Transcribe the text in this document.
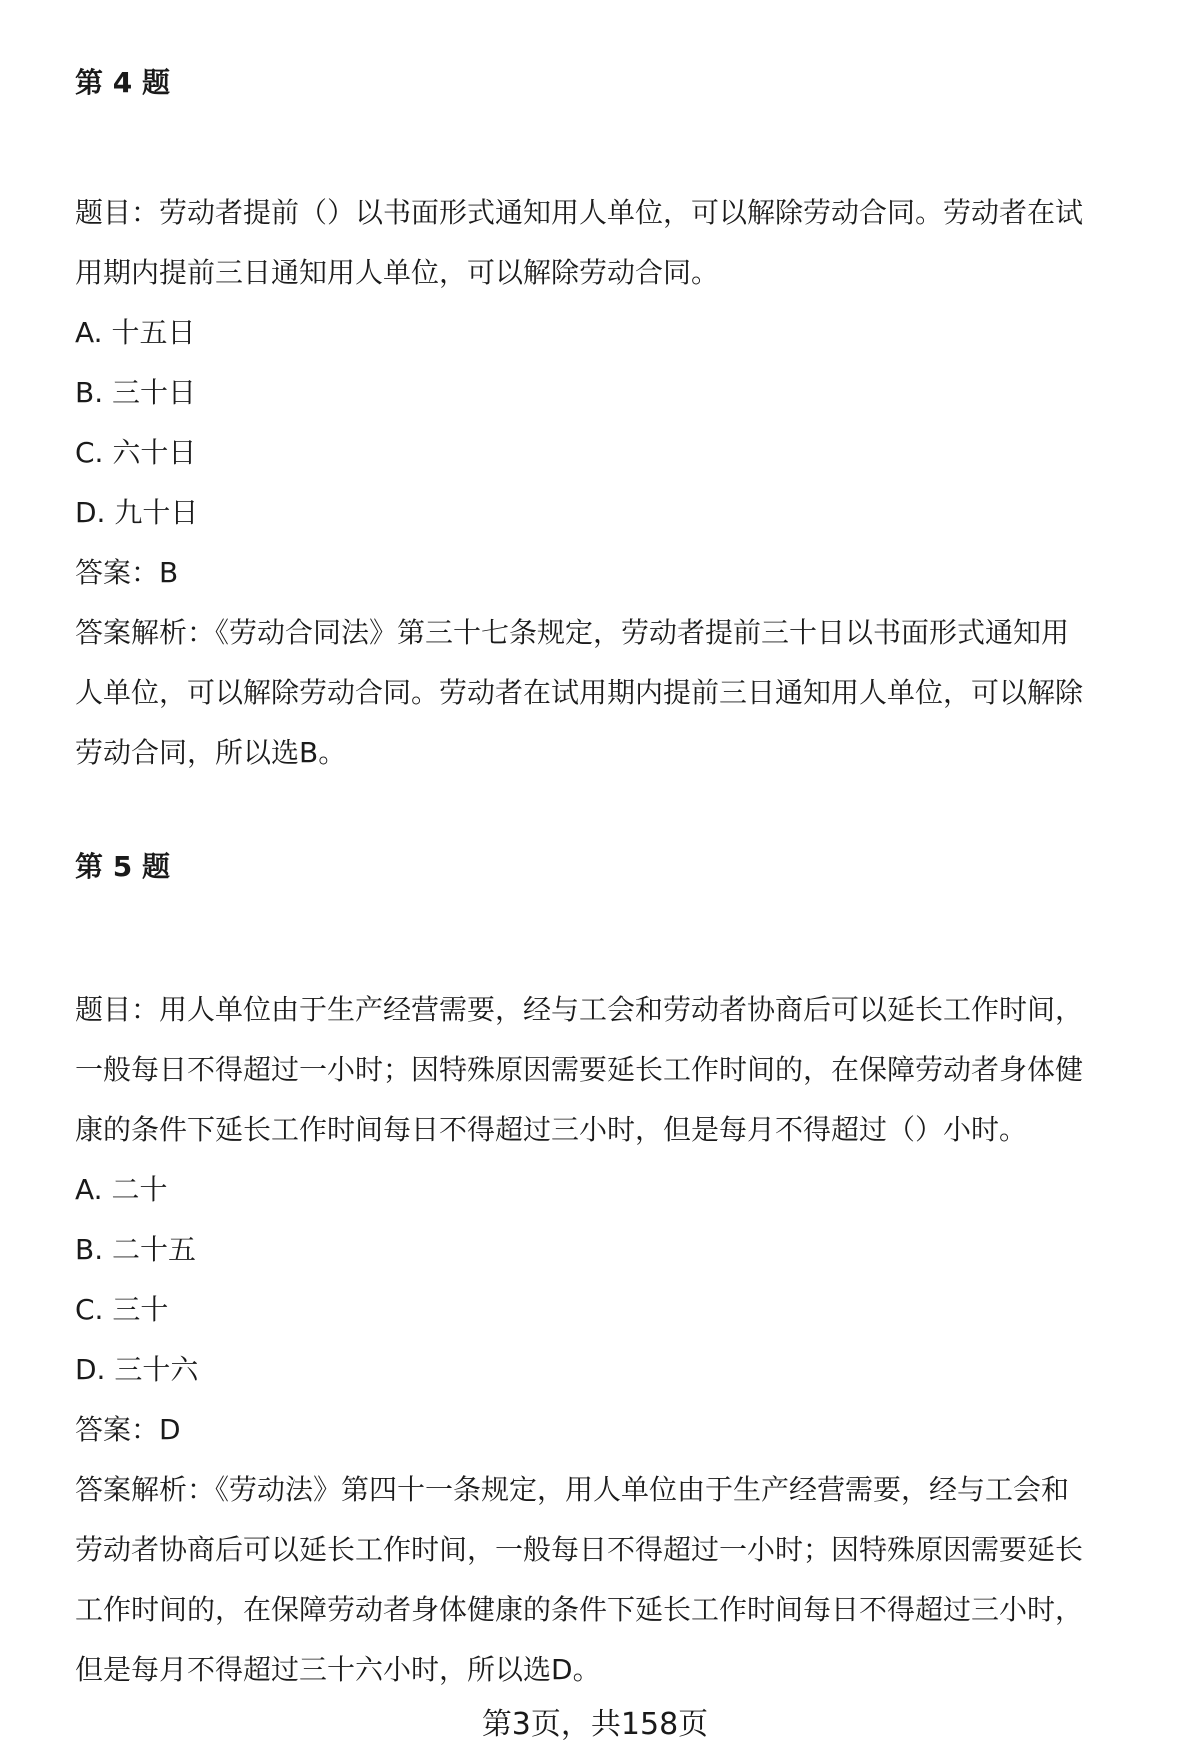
第 4 题

题目：劳动者提前（）以书面形式通知用人单位，可以解除劳动合同。劳动者在试

用期内提前三日通知用人单位，可以解除劳动合同。

A. 十五日

B. 三十日

C. 六十日

D. 九十日

答案：B

答案解析：《劳动合同法》第三十七条规定，劳动者提前三十日以书面形式通知用

人单位，可以解除劳动合同。劳动者在试用期内提前三日通知用人单位，可以解除

劳动合同，所以选B。

第 5 题

题目：用人单位由于生产经营需要，经与工会和劳动者协商后可以延长工作时间，

一般每日不得超过一小时；因特殊原因需要延长工作时间的，在保障劳动者身体健

康的条件下延长工作时间每日不得超过三小时，但是每月不得超过（）小时。

A. 二十

B. 二十五

C. 三十

D. 三十六

答案：D

答案解析：《劳动法》第四十一条规定，用人单位由于生产经营需要，经与工会和

劳动者协商后可以延长工作时间，一般每日不得超过一小时；因特殊原因需要延长

工作时间的，在保障劳动者身体健康的条件下延长工作时间每日不得超过三小时，

但是每月不得超过三十六小时，所以选D。

第3页，共158页
